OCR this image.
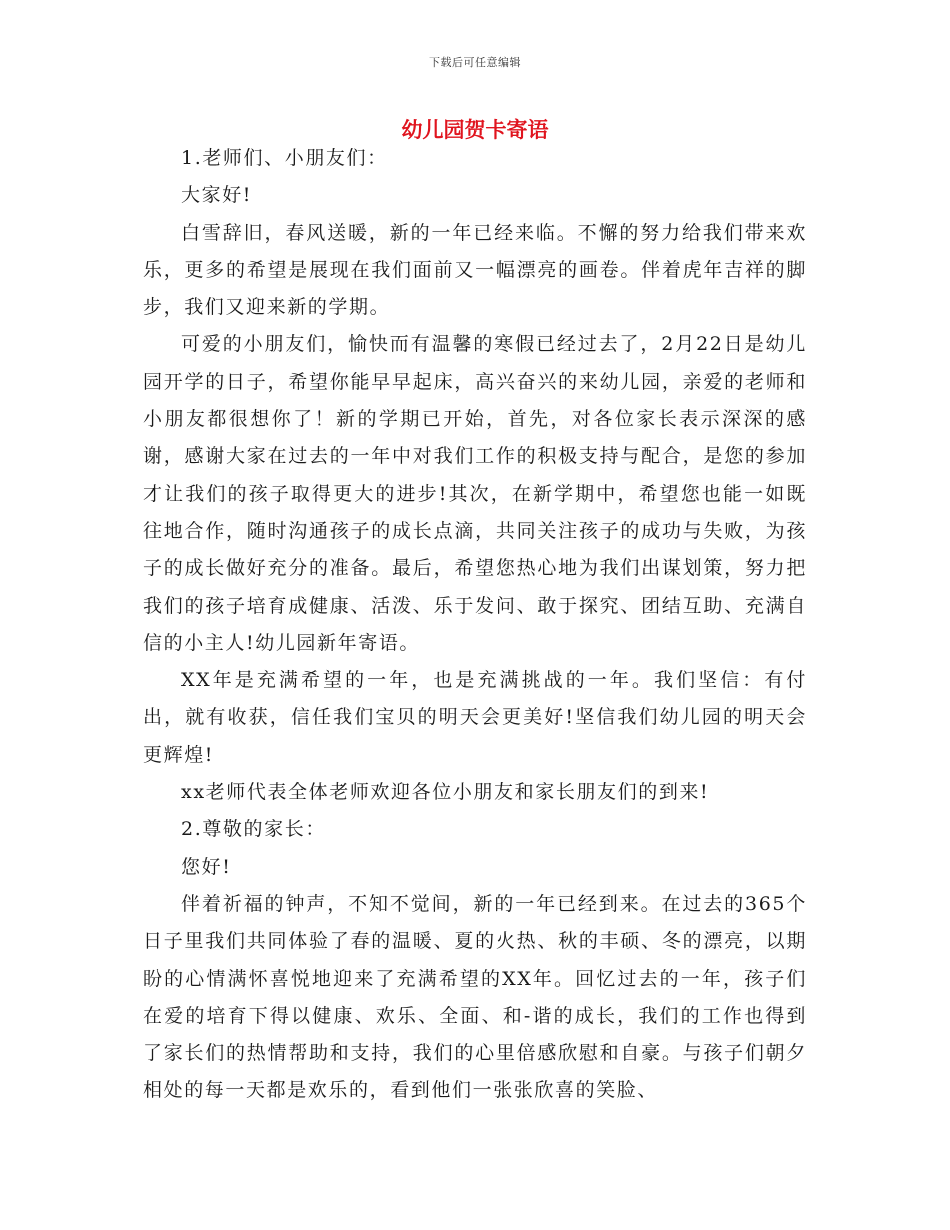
下载后可任意编辑
幼儿园贺卡寄语

1.老师们、小朋友们：

大家好!

白雪辞旧，春风送暖，新的一年已经来临。不懈的努力给我们带来欢乐，更多的希望是展现在我们面前又一幅漂亮的画卷。伴着虎年吉祥的脚步，我们又迎来新的学期。

可爱的小朋友们，愉快而有温馨的寒假已经过去了，2月22日是幼儿园开学的日子，希望你能早早起床，高兴奋兴的来幼儿园，亲爱的老师和小朋友都很想你了！新的学期已开始，首先，对各位家长表示深深的感谢，感谢大家在过去的一年中对我们工作的积极支持与配合，是您的参加才让我们的孩子取得更大的进步!其次，在新学期中，希望您也能一如既往地合作，随时沟通孩子的成长点滴，共同关注孩子的成功与失败，为孩子的成长做好充分的准备。最后，希望您热心地为我们出谋划策，努力把我们的孩子培育成健康、活泼、乐于发问、敢于探究、团结互助、充满自信的小主人!幼儿园新年寄语。

XX年是充满希望的一年，也是充满挑战的一年。我们坚信：有付出，就有收获，信任我们宝贝的明天会更美好!坚信我们幼儿园的明天会更辉煌!

xx老师代表全体老师欢迎各位小朋友和家长朋友们的到来!

2.尊敬的家长：

您好!

伴着祈福的钟声，不知不觉间，新的一年已经到来。在过去的365个日子里我们共同体验了春的温暖、夏的火热、秋的丰硕、冬的漂亮，以期盼的心情满怀喜悦地迎来了充满希望的XX年。回忆过去的一年，孩子们在爱的培育下得以健康、欢乐、全面、和-谐的成长，我们的工作也得到了家长们的热情帮助和支持，我们的心里倍感欣慰和自豪。与孩子们朝夕相处的每一天都是欢乐的，看到他们一张张欣喜的笑脸、
